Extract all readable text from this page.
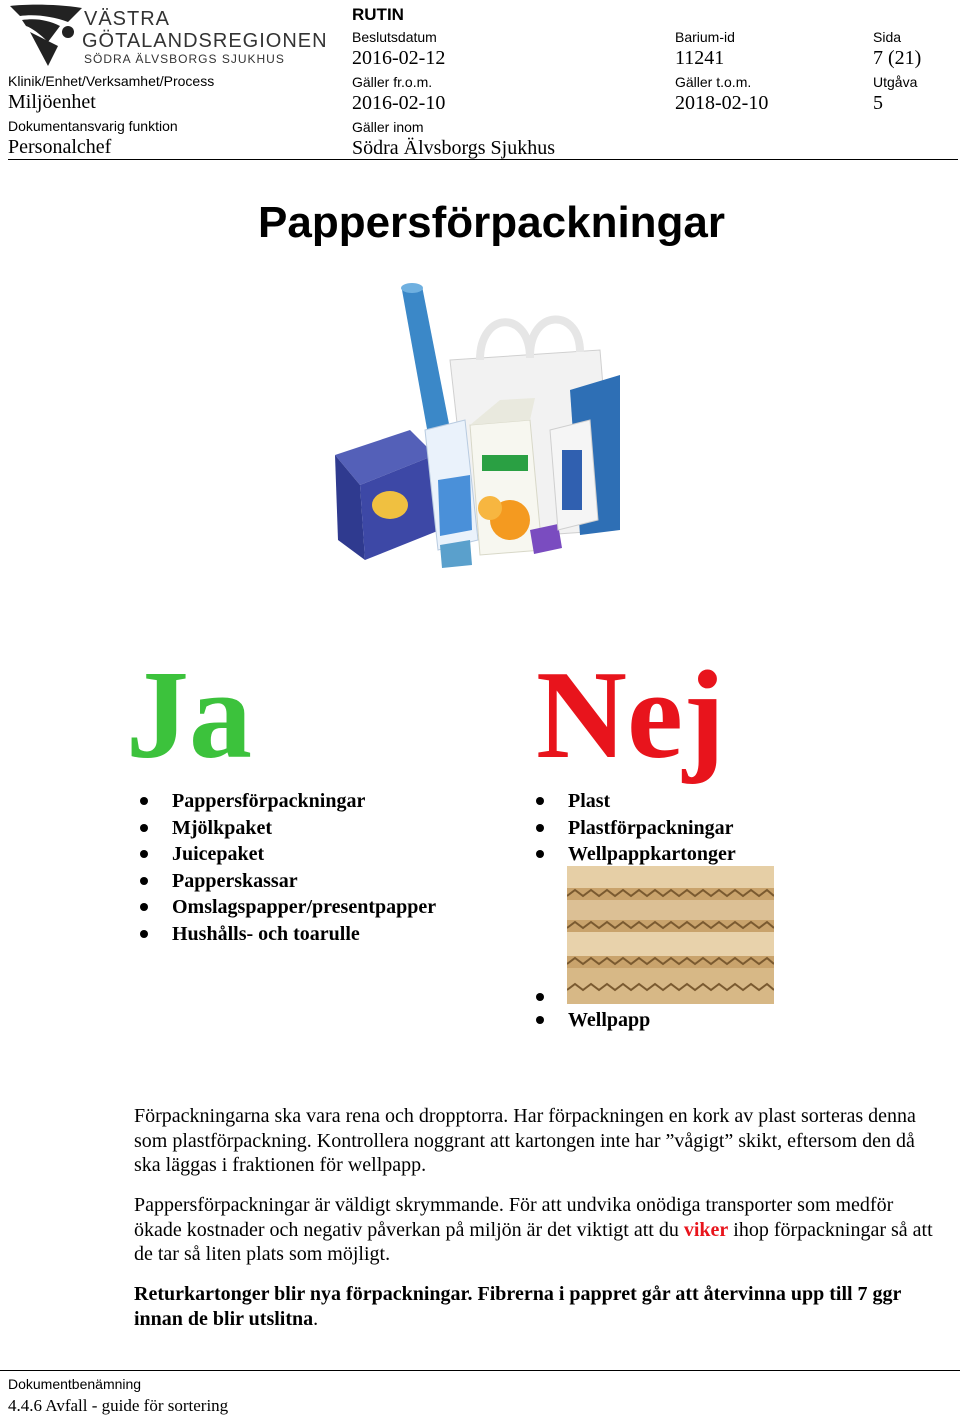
VÄSTRA
GÖTALANDSREGIONEN
SÖDRA ÄLVSBORGS SJUKHUS
RUTIN
Beslutsdatum
2016-02-12
Barium-id
11241
Sida
7 (21)
Klinik/Enhet/Verksamhet/Process
Miljöenhet
Gäller fr.o.m.
2016-02-10
Gäller t.o.m.
2018-02-10
Utgåva
5
Dokumentansvarig funktion
Personalchef
Gäller inom
Södra Älvsborgs Sjukhus
Pappersförpackningar
Ja Nej
Pappersförpackningar
Mjölkpaket
Juicepaket
Papperskassar
Omslagspapper/presentpapper
Hushålls- och toarulle
Plast
Plastförpackningar
Wellpappkartonger
Wellpapp
Förpackningarna ska vara rena och dropptorra. Har förpackningen en kork av plast sorteras denna som plastförpackning. Kontrollera noggrant att kartongen inte har ”vågigt” skikt, eftersom den då ska läggas i fraktionen för wellpapp.
Pappersförpackningar är väldigt skrymmande. För att undvika onödiga transporter som medför ökade kostnader och negativ påverkan på miljön är det viktigt att du viker ihop förpackningar så att de tar så liten plats som möjligt.
Returkartonger blir nya förpackningar. Fibrerna i pappret går att återvinna upp till 7 ggr innan de blir utslitna.
Dokumentbenämning
4.4.6 Avfall - guide för sortering
